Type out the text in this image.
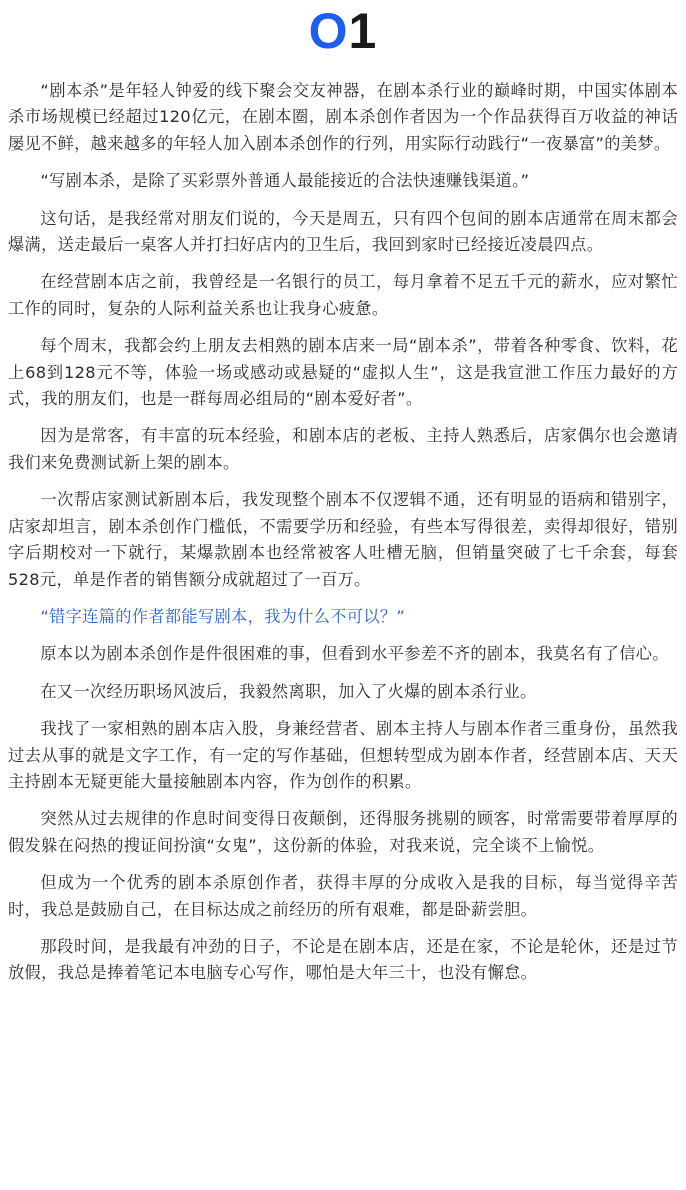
O1

“剧本杀”是年轻人钟爱的线下聚会交友神器，在剧本杀行业的巅峰时期，中国实体剧本杀市场规模已经超过120亿元，在剧本圈，剧本杀创作者因为一个作品获得百万收益的神话屡见不鲜，越来越多的年轻人加入剧本杀创作的行列，用实际行动践行“一夜暴富”的美梦。

“写剧本杀，是除了买彩票外普通人最能接近的合法快速赚钱渠道。”

这句话，是我经常对朋友们说的，今天是周五，只有四个包间的剧本店通常在周末都会爆满，送走最后一桌客人并打扫好店内的卫生后，我回到家时已经接近凌晨四点。

在经营剧本店之前，我曾经是一名银行的员工，每月拿着不足五千元的薪水，应对繁忙工作的同时，复杂的人际利益关系也让我身心疲惫。

每个周末，我都会约上朋友去相熟的剧本店来一局“剧本杀”，带着各种零食、饮料，花上68到128元不等，体验一场或感动或悬疑的“虚拟人生”，这是我宣泄工作压力最好的方式，我的朋友们，也是一群每周必组局的“剧本爱好者”。

因为是常客，有丰富的玩本经验，和剧本店的老板、主持人熟悉后，店家偶尔也会邀请我们来免费测试新上架的剧本。

一次帮店家测试新剧本后，我发现整个剧本不仅逻辑不通，还有明显的语病和错别字，店家却坦言，剧本杀创作门槛低，不需要学历和经验，有些本写得很差，卖得却很好，错别字后期校对一下就行，某爆款剧本也经常被客人吐槽无脑，但销量突破了七千余套，每套528元，单是作者的销售额分成就超过了一百万。

“错字连篇的作者都能写剧本，我为什么不可以？”

原本以为剧本杀创作是件很困难的事，但看到水平参差不齐的剧本，我莫名有了信心。

在又一次经历职场风波后，我毅然离职，加入了火爆的剧本杀行业。

我找了一家相熟的剧本店入股，身兼经营者、剧本主持人与剧本作者三重身份，虽然我过去从事的就是文字工作，有一定的写作基础，但想转型成为剧本作者，经营剧本店、天天主持剧本无疑更能大量接触剧本内容，作为创作的积累。

突然从过去规律的作息时间变得日夜颠倒，还得服务挑剔的顾客，时常需要带着厚厚的假发躲在闷热的搜证间扮演“女鬼”，这份新的体验，对我来说，完全谈不上愉悦。

但成为一个优秀的剧本杀原创作者，获得丰厚的分成收入是我的目标，每当觉得辛苦时，我总是鼓励自己，在目标达成之前经历的所有艰难，都是卧薪尝胆。

那段时间，是我最有冲劲的日子，不论是在剧本店，还是在家，不论是轮休，还是过节放假，我总是捧着笔记本电脑专心写作，哪怕是大年三十，也没有懈怠。
